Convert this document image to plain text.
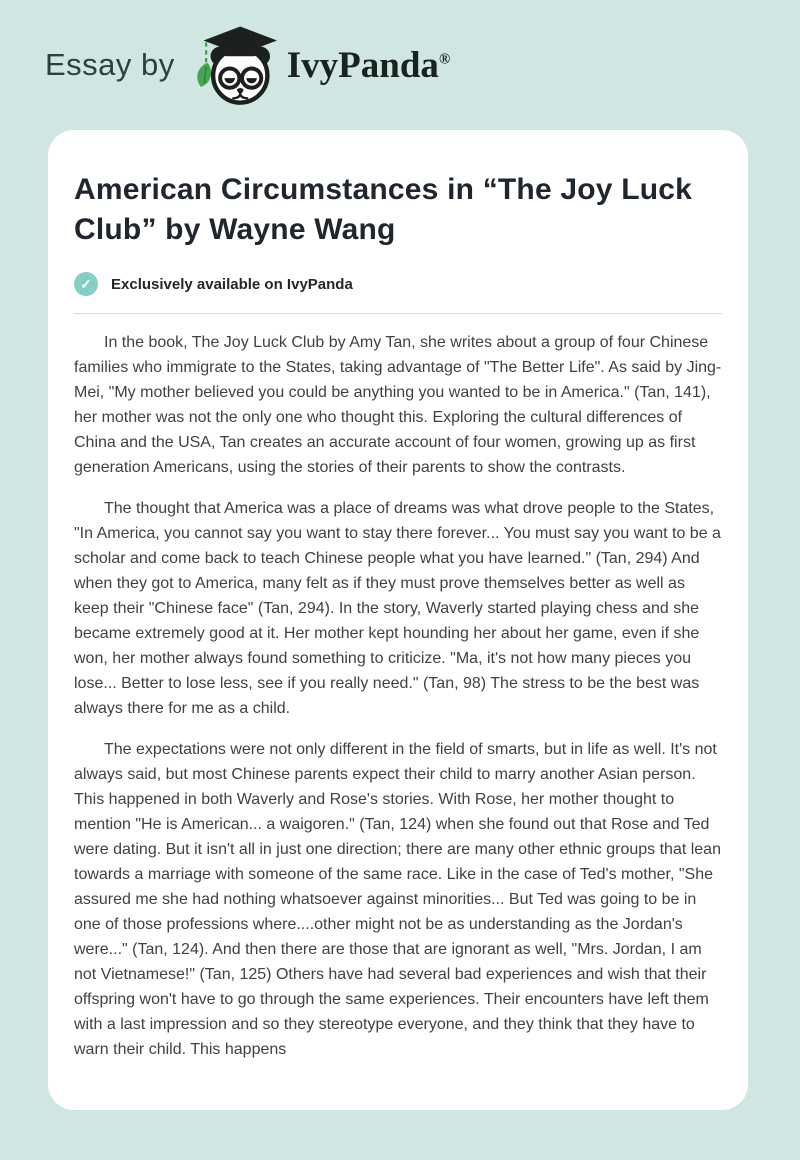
Essay by	IvyPanda®
American Circumstances in “The Joy Luck Club” by Wayne Wang
✓	Exclusively available on IvyPanda

In the book, The Joy Luck Club by Amy Tan, she writes about a group of four Chinese families who immigrate to the States, taking advantage of "The Better Life". As said by Jing-Mei, "My mother believed you could be anything you wanted to be in America." (Tan, 141), her mother was not the only one who thought this. Exploring the cultural differences of China and the USA, Tan creates an accurate account of four women, growing up as first generation Americans, using the stories of their parents to show the contrasts.

The thought that America was a place of dreams was what drove people to the States, "In America, you cannot say you want to stay there forever... You must say you want to be a scholar and come back to teach Chinese people what you have learned." (Tan, 294) And when they got to America, many felt as if they must prove themselves better as well as keep their "Chinese face" (Tan, 294). In the story, Waverly started playing chess and she became extremely good at it. Her mother kept hounding her about her game, even if she won, her mother always found something to criticize. "Ma, it's not how many pieces you lose... Better to lose less, see if you really need." (Tan, 98) The stress to be the best was always there for me as a child.

The expectations were not only different in the field of smarts, but in life as well. It's not always said, but most Chinese parents expect their child to marry another Asian person. This happened in both Waverly and Rose's stories. With Rose, her mother thought to mention "He is American... a waigoren." (Tan, 124) when she found out that Rose and Ted were dating. But it isn't all in just one direction; there are many other ethnic groups that lean towards a marriage with someone of the same race. Like in the case of Ted's mother, "She assured me she had nothing whatsoever against minorities... But Ted was going to be in one of those professions where....other might not be as understanding as the Jordan's were..." (Tan, 124). And then there are those that are ignorant as well, "Mrs. Jordan, I am not Vietnamese!" (Tan, 125) Others have had several bad experiences and wish that their offspring won't have to go through the same experiences. Their encounters have left them with a last impression and so they stereotype everyone, and they think that they have to warn their child. This happens
